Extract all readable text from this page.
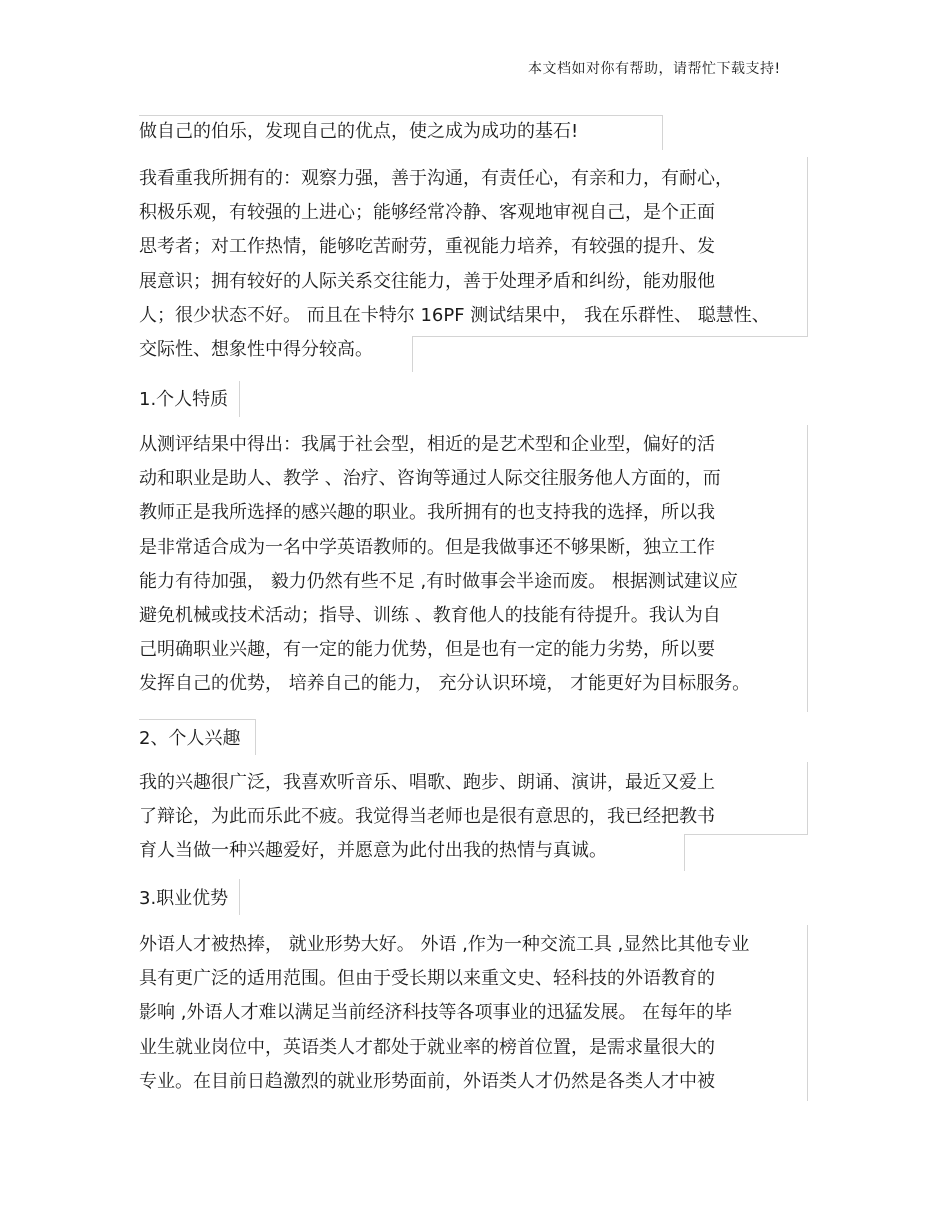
本文档如对你有帮助，请帮忙下载支持!
做自己的伯乐，发现自己的优点，使之成为成功的基石!
我看重我所拥有的：观察力强，善于沟通，有责任心，有亲和力，有耐心，
积极乐观，有较强的上进心；能够经常冷静、客观地审视自己，是个正面
思考者；对工作热情，能够吃苦耐劳，重视能力培养，有较强的提升、发
展意识；拥有较好的人际关系交往能力，善于处理矛盾和纠纷，能劝服他
人；很少状态不好。 而且在卡特尔 16PF 测试结果中， 我在乐群性、 聪慧性、
交际性、想象性中得分较高。
1.个人特质
从测评结果中得出：我属于社会型，相近的是艺术型和企业型，偏好的活
动和职业是助人、教学 、治疗、咨询等通过人际交往服务他人方面的，而
教师正是我所选择的感兴趣的职业。我所拥有的也支持我的选择，所以我
是非常适合成为一名中学英语教师的。但是我做事还不够果断，独立工作
能力有待加强， 毅力仍然有些不足 ,有时做事会半途而废。 根据测试建议应
避免机械或技术活动；指导、训练 、教育他人的技能有待提升。我认为自
己明确职业兴趣，有一定的能力优势，但是也有一定的能力劣势，所以要
发挥自己的优势， 培养自己的能力， 充分认识环境， 才能更好为目标服务。
2、个人兴趣
我的兴趣很广泛，我喜欢听音乐、唱歌、跑步、朗诵、演讲，最近又爱上
了辩论，为此而乐此不疲。我觉得当老师也是很有意思的，我已经把教书
育人当做一种兴趣爱好，并愿意为此付出我的热情与真诚。
3.职业优势
外语人才被热捧， 就业形势大好。 外语 ,作为一种交流工具 ,显然比其他专业
具有更广泛的适用范围。但由于受长期以来重文史、轻科技的外语教育的
影响 ,外语人才难以满足当前经济科技等各项事业的迅猛发展。 在每年的毕
业生就业岗位中，英语类人才都处于就业率的榜首位置，是需求量很大的
专业。在目前日趋激烈的就业形势面前，外语类人才仍然是各类人才中被
